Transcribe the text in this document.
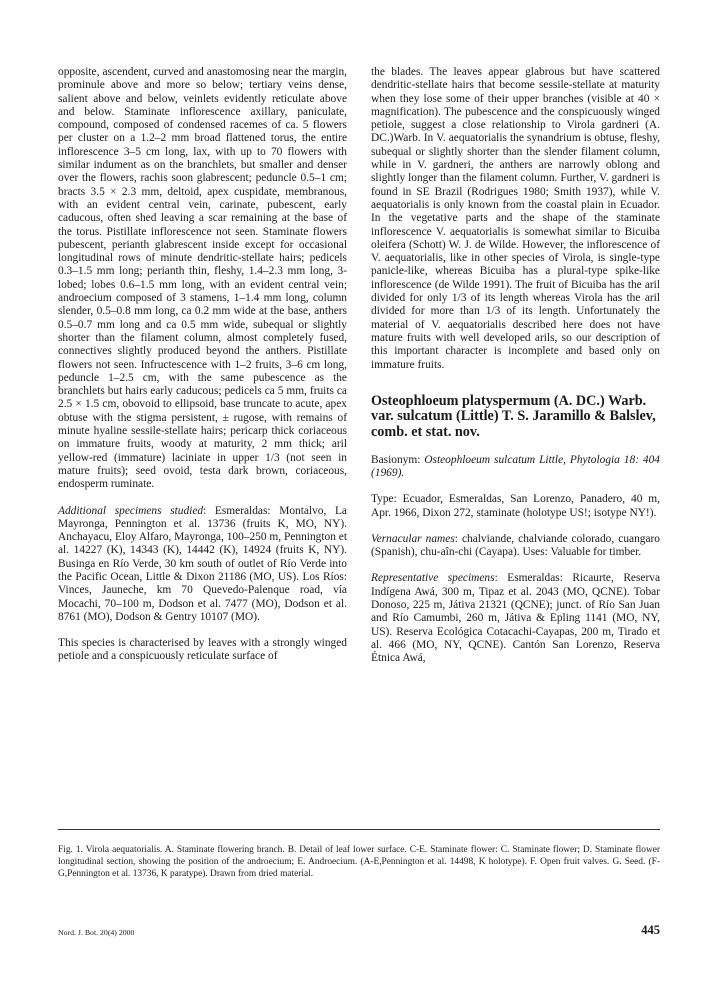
opposite, ascendent, curved and anastomosing near the margin, prominule above and more so below; tertiary veins dense, salient above and below, veinlets evidently reticulate above and below. Staminate inflorescence axillary, paniculate, compound, composed of condensed racemes of ca. 5 flowers per cluster on a 1.2–2 mm broad flattened torus, the entire inflorescence 3–5 cm long, lax, with up to 70 flowers with similar indument as on the branchlets, but smaller and denser over the flowers, rachis soon glabrescent; peduncle 0.5–1 cm; bracts 3.5 × 2.3 mm, deltoid, apex cuspidate, membranous, with an evident central vein, carinate, pubescent, early caducous, often shed leaving a scar remaining at the base of the torus. Pistillate inflorescence not seen. Staminate flowers pubescent, perianth glabrescent inside except for occasional longitudinal rows of minute dendritic-stellate hairs; pedicels 0.3–1.5 mm long; perianth thin, fleshy, 1.4–2.3 mm long, 3-lobed; lobes 0.6–1.5 mm long, with an evident central vein; androecium composed of 3 stamens, 1–1.4 mm long, column slender, 0.5–0.8 mm long, ca 0.2 mm wide at the base, anthers 0.5–0.7 mm long and ca 0.5 mm wide, subequal or slightly shorter than the filament column, almost completely fused, connectives slightly produced beyond the anthers. Pistillate flowers not seen. Infructescence with 1–2 fruits, 3–6 cm long, peduncle 1–2.5 cm, with the same pubescence as the branchlets but hairs early caducous; pedicels ca 5 mm, fruits ca 2.5 × 1.5 cm, obovoid to ellipsoid, base truncate to acute, apex obtuse with the stigma persistent, ± rugose, with remains of minute hyaline sessile-stellate hairs; pericarp thick coriaceous on immature fruits, woody at maturity, 2 mm thick; aril yellow-red (immature) laciniate in upper 1/3 (not seen in mature fruits); seed ovoid, testa dark brown, coriaceous, endosperm ruminate.

Additional specimens studied: Esmeraldas: Montalvo, La Mayronga, Pennington et al. 13736 (fruits K, MO, NY). Anchayacu, Eloy Alfaro, Mayronga, 100–250 m, Pennington et al. 14227 (K), 14343 (K), 14442 (K), 14924 (fruits K, NY). Businga en Río Verde, 30 km south of outlet of Río Verde into the Pacific Ocean, Little & Dixon 21186 (MO, US). Los Ríos: Vinces, Jauneche, km 70 Quevedo-Palenque road, vía Mocachi, 70–100 m, Dodson et al. 7477 (MO), Dodson et al. 8761 (MO), Dodson & Gentry 10107 (MO).

This species is characterised by leaves with a strongly winged petiole and a conspicuously reticulate surface of

the blades. The leaves appear glabrous but have scattered dendritic-stellate hairs that become sessile-stellate at maturity when they lose some of their upper branches (visible at 40 × magnification). The pubescence and the conspicuously winged petiole, suggest a close relationship to Virola gardneri (A. DC.)Warb. In V. aequatorialis the synandrium is obtuse, fleshy, subequal or slightly shorter than the slender filament column, while in V. gardneri, the anthers are narrowly oblong and slightly longer than the filament column. Further, V. gardneri is found in SE Brazil (Rodrigues 1980; Smith 1937), while V. aequatorialis is only known from the coastal plain in Ecuador. In the vegetative parts and the shape of the staminate inflorescence V. aequatorialis is somewhat similar to Bicuiba oleifera (Schott) W. J. de Wilde. However, the inflorescence of V. aequatorialis, like in other species of Virola, is single-type panicle-like, whereas Bicuiba has a plural-type spike-like inflorescence (de Wilde 1991). The fruit of Bicuiba has the aril divided for only 1/3 of its length whereas Virola has the aril divided for more than 1/3 of its length. Unfortunately the material of V. aequatorialis described here does not have mature fruits with well developed arils, so our description of this important character is incomplete and based only on immature fruits.

Osteophloeum platyspermum (A. DC.) Warb. var. sulcatum (Little) T. S. Jaramillo & Balslev, comb. et stat. nov.

Basionym: Osteophloeum sulcatum Little, Phytologia 18: 404 (1969).

Type: Ecuador, Esmeraldas, San Lorenzo, Panadero, 40 m, Apr. 1966, Dixon 272, staminate (holotype US!; isotype NY!).

Vernacular names: chalviande, chalviande colorado, cuangaro (Spanish), chu-aîn-chi (Cayapa). Uses: Valuable for timber.

Representative specimens: Esmeraldas: Ricaurte, Reserva Indígena Awá, 300 m, Tipaz et al. 2043 (MO, QCNE). Tobar Donoso, 225 m, Játiva 21321 (QCNE); junct. of Río San Juan and Río Camumbi, 260 m, Játiva & Epling 1141 (MO, NY, US). Reserva Ecológica Cotacachi-Cayapas, 200 m, Tirado et al. 466 (MO, NY, QCNE). Cantón San Lorenzo, Reserva Étnica Awá,

Fig. 1. Virola aequatorialis. A. Staminate flowering branch. B. Detail of leaf lower surface. C-E. Staminate flower: C. Staminate flower; D. Staminate flower longitudinal section, showing the position of the androecium; E. Androecium. (A-E,Pennington et al. 14498, K holotype). F. Open fruit valves. G. Seed. (F-G,Pennington et al. 13736, K paratype). Drawn from dried material.

Nord. J. Bot. 20(4) 2000	445
